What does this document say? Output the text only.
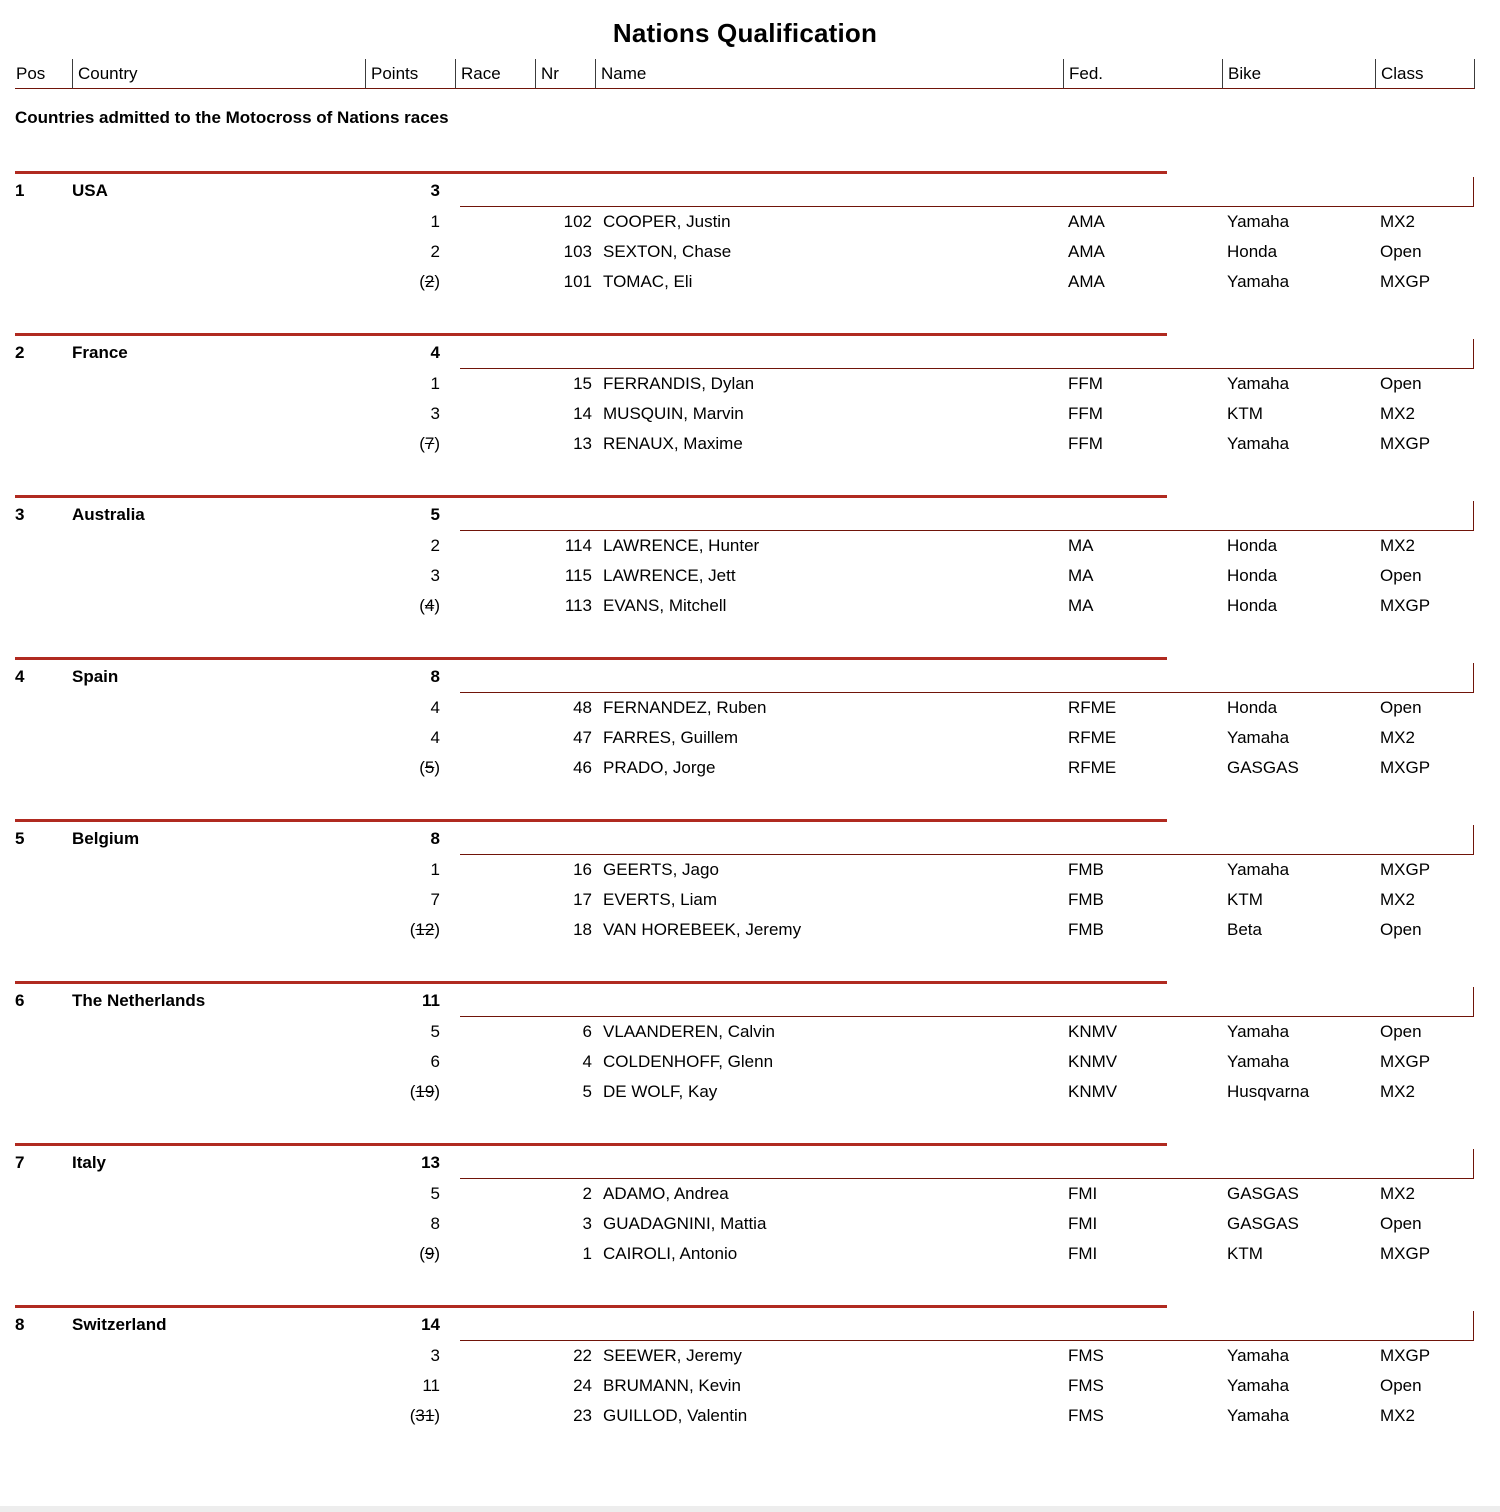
Nations Qualification
Pos	Country	Points	Race	Nr	Name	Fed.	Bike	Class
Countries admitted to the Motocross of Nations races
1	USA	3
1	102 COOPER, Justin	AMA	Yamaha	MX2
2	103 SEXTON, Chase	AMA	Honda	Open
(2)	101 TOMAC, Eli	AMA	Yamaha	MXGP
2	France	4
1	15 FERRANDIS, Dylan	FFM	Yamaha	Open
3	14 MUSQUIN, Marvin	FFM	KTM	MX2
(7)	13 RENAUX, Maxime	FFM	Yamaha	MXGP
3	Australia	5
2	114 LAWRENCE, Hunter	MA	Honda	MX2
3	115 LAWRENCE, Jett	MA	Honda	Open
(4)	113 EVANS, Mitchell	MA	Honda	MXGP
4	Spain	8
4	48 FERNANDEZ, Ruben	RFME	Honda	Open
4	47 FARRES, Guillem	RFME	Yamaha	MX2
(5)	46 PRADO, Jorge	RFME	GASGAS	MXGP
5	Belgium	8
1	16 GEERTS, Jago	FMB	Yamaha	MXGP
7	17 EVERTS, Liam	FMB	KTM	MX2
(12)	18 VAN HOREBEEK, Jeremy	FMB	Beta	Open
6	The Netherlands	11
5	6 VLAANDEREN, Calvin	KNMV	Yamaha	Open
6	4 COLDENHOFF, Glenn	KNMV	Yamaha	MXGP
(19)	5 DE WOLF, Kay	KNMV	Husqvarna	MX2
7	Italy	13
5	2 ADAMO, Andrea	FMI	GASGAS	MX2
8	3 GUADAGNINI, Mattia	FMI	GASGAS	Open
(9)	1 CAIROLI, Antonio	FMI	KTM	MXGP
8	Switzerland	14
3	22 SEEWER, Jeremy	FMS	Yamaha	MXGP
11	24 BRUMANN, Kevin	FMS	Yamaha	Open
(31)	23 GUILLOD, Valentin	FMS	Yamaha	MX2
